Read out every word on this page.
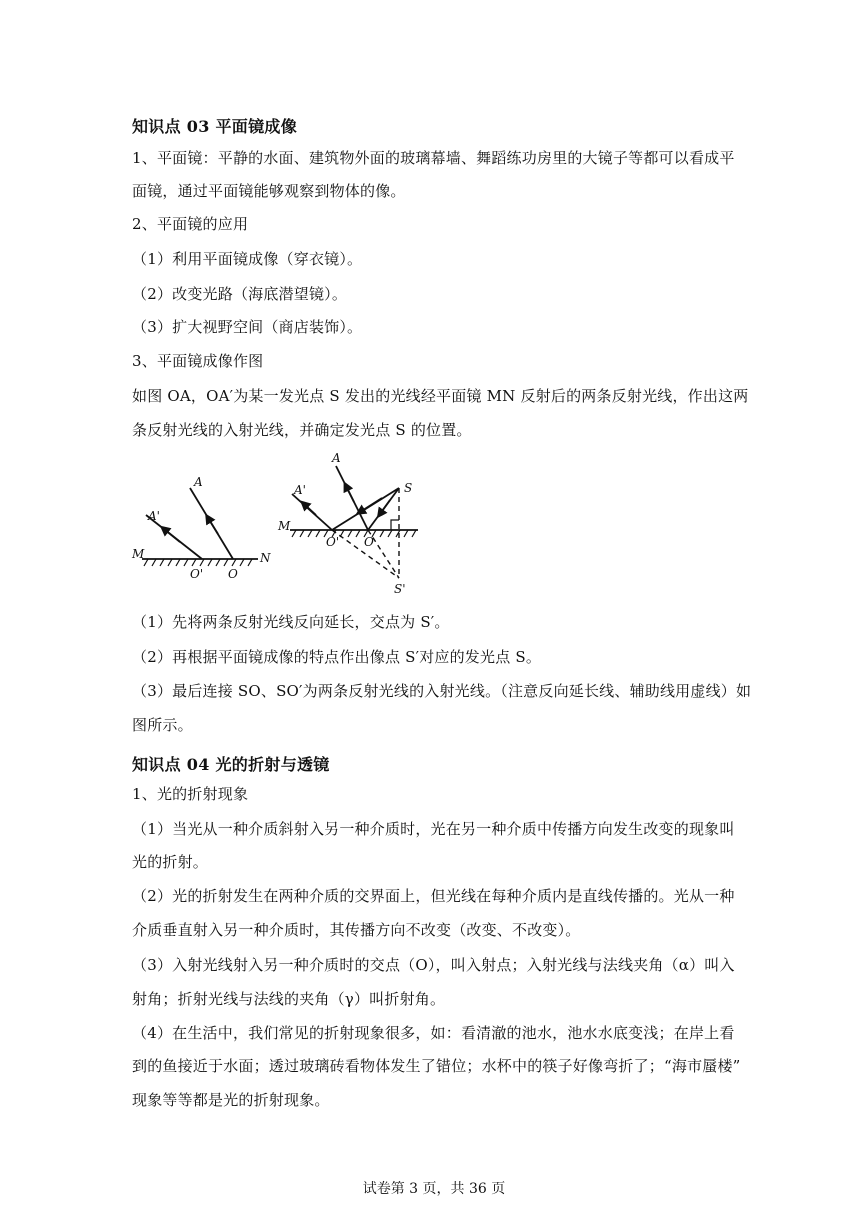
知识点 03 平面镜成像
1、平面镜：平静的水面、建筑物外面的玻璃幕墙、舞蹈练功房里的大镜子等都可以看成平
面镜，通过平面镜能够观察到物体的像。
2、平面镜的应用
（1）利用平面镜成像（穿衣镜）。
（2）改变光路（海底潜望镜）。
（3）扩大视野空间（商店装饰）。
3、平面镜成像作图
如图 OA，OA′为某一发光点 S 发出的光线经平面镜 MN 反射后的两条反射光线，作出这两
条反射光线的入射光线，并确定发光点 S 的位置。
A'
A
M	N
O' O
A'
A
M
S
O' O
S'
（1）先将两条反射光线反向延长，交点为 S′。
（2）再根据平面镜成像的特点作出像点 S′对应的发光点 S。
（3）最后连接 SO、SO′为两条反射光线的入射光线。（注意反向延长线、辅助线用虚线）如
图所示。
知识点 04 光的折射与透镜
1、光的折射现象
（1）当光从一种介质斜射入另一种介质时，光在另一种介质中传播方向发生改变的现象叫
光的折射。
（2）光的折射发生在两种介质的交界面上，但光线在每种介质内是直线传播的。光从一种
介质垂直射入另一种介质时，其传播方向不改变（改变、不改变）。
（3）入射光线射入另一种介质时的交点（O），叫入射点；入射光线与法线夹角（α）叫入
射角；折射光线与法线的夹角（γ）叫折射角。
（4）在生活中，我们常见的折射现象很多，如：看清澈的池水，池水水底变浅；在岸上看
到的鱼接近于水面；透过玻璃砖看物体发生了错位；水杯中的筷子好像弯折了；“海市蜃楼”
现象等等都是光的折射现象。
试卷第 3 页，共 36 页
